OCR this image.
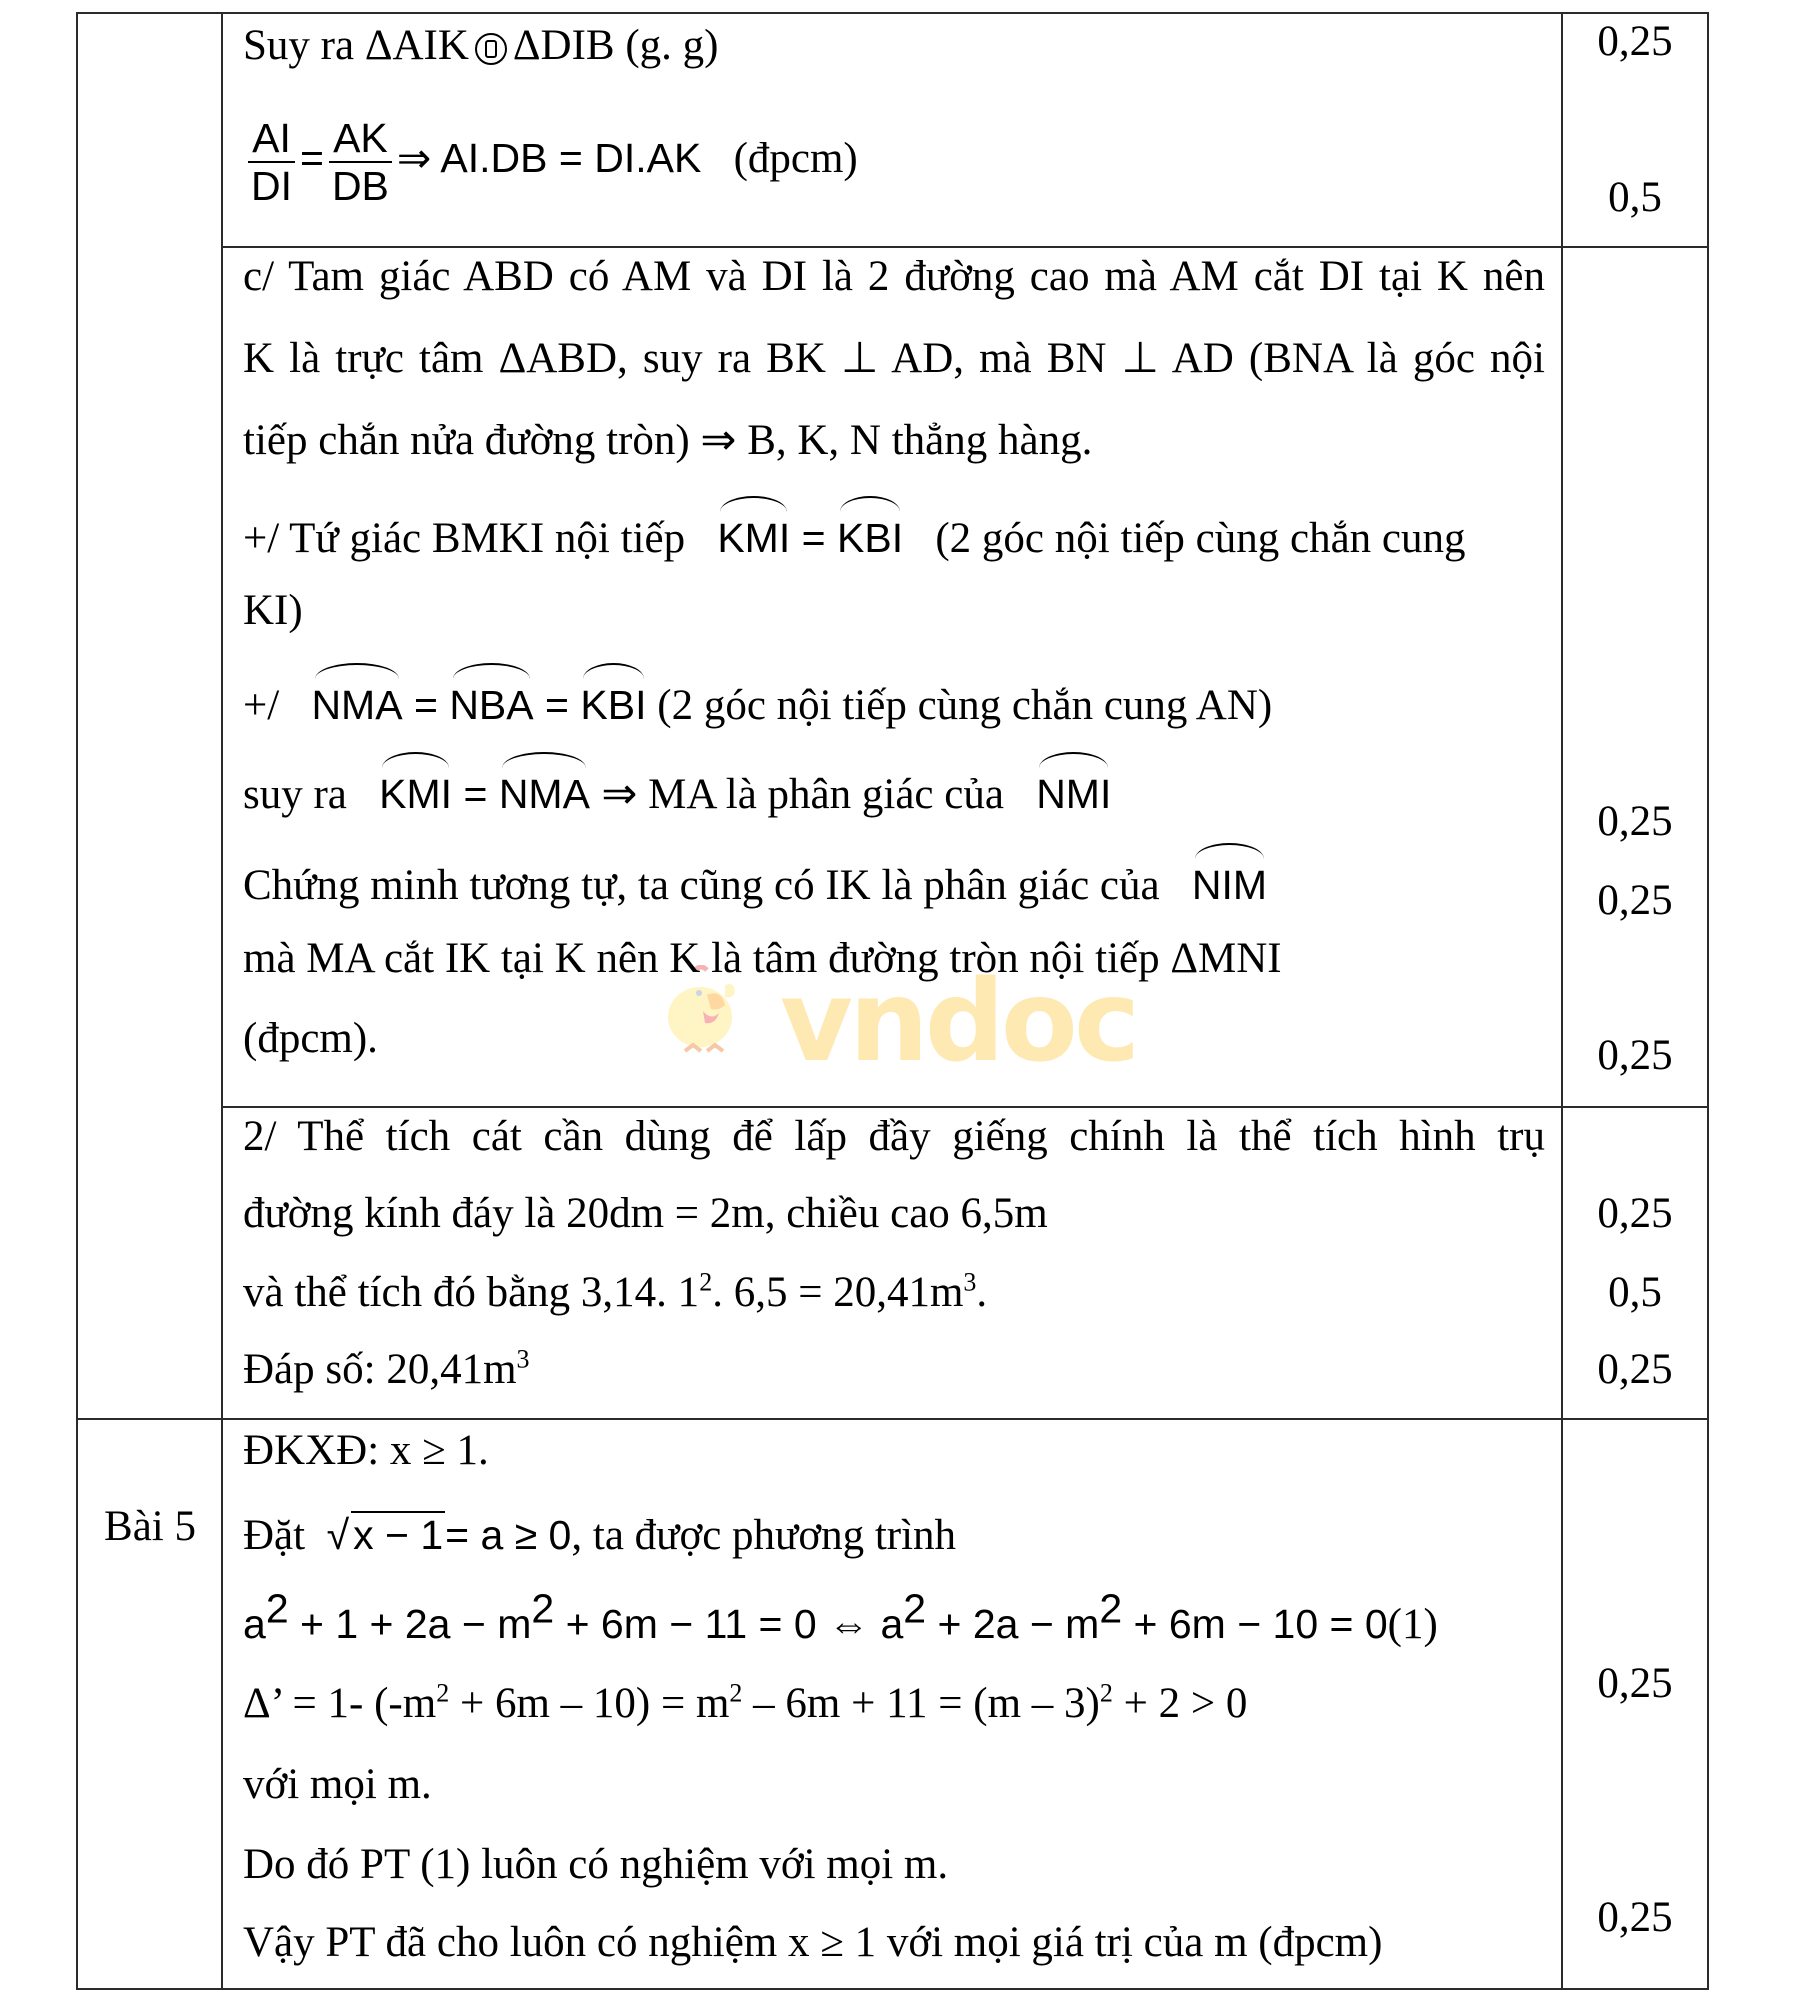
vndoc
Suy ra ΔAIK ΔDIB (g. g)
$\frac{AI}{DI} = \frac{AK}{DB}$ ⇒ AI.DB = DI.AK (đpcm)
0,25
0,5
c/ Tam giác ABD có AM và DI là 2 đường cao mà AM cắt DI tại K nên
K là trực tâm ΔABD, suy ra BK ⊥ AD, mà BN ⊥ AD (BNA là góc nội
tiếp chắn nửa đường tròn) ⇒ B, K, N thẳng hàng.
+/ Tứ giác BMKI nội tiếp KMI = KBI (2 góc nội tiếp cùng chắn cung
KI)
+/ NMA = NBA = KBI (2 góc nội tiếp cùng chắn cung AN)
suy ra KMI = NMA ⇒ MA là phân giác của NMI
Chứng minh tương tự, ta cũng có IK là phân giác của NIM
mà MA cắt IK tại K nên K là tâm đường tròn nội tiếp ΔMNI
(đpcm).
0,25
0,25
0,25
2/ Thể tích cát cần dùng để lấp đầy giếng chính là thể tích hình trụ
đường kính đáy là 20dm = 2m, chiều cao 6,5m
và thể tích đó bằng 3,14. $1^2$. $6,5 = 20,41m^3$.
Đáp số: $20,41m^3$
0,25
0,5
0,25
Bài 5
ĐKXĐ: x ≥ 1.
Đặt √x − 1= a ≥ 0, ta được phương trình
$a^2 + 1 + 2a - m^2 + 6m - 11 = 0$ ⇔ $a^2 + 2a - m^2 + 6m - 10 = 0(1)$
Δ’ = 1- $(-m^2 + 6m - 10) = m^2 - 6m + 11 = (m - 3)^2 + 2 > 0$
với mọi m.
Do đó PT (1) luôn có nghiệm với mọi m.
Vậy PT đã cho luôn có nghiệm x ≥ 1 với mọi giá trị của m (đpcm)
0,25
0,25
